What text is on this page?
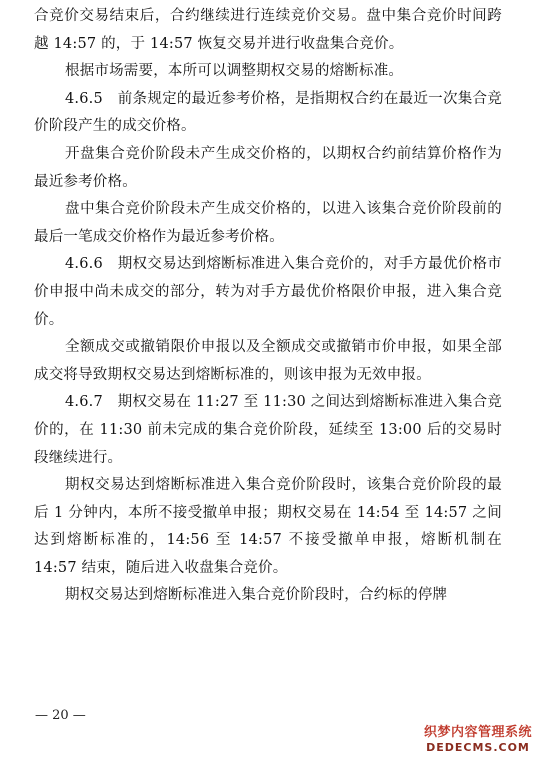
合竞价交易结束后，合约继续进行连续竞价交易。盘中集合竞价时间跨越 14:57 的，于 14:57 恢复交易并进行收盘集合竞价。

根据市场需要，本所可以调整期权交易的熔断标准。

4.6.5　前条规定的最近参考价格，是指期权合约在最近一次集合竞价阶段产生的成交价格。

开盘集合竞价阶段未产生成交价格的，以期权合约前结算价格作为最近参考价格。

盘中集合竞价阶段未产生成交价格的，以进入该集合竞价阶段前的最后一笔成交价格作为最近参考价格。

4.6.6　期权交易达到熔断标准进入集合竞价的，对手方最优价格市价申报中尚未成交的部分，转为对手方最优价格限价申报，进入集合竞价。

全额成交或撤销限价申报以及全额成交或撤销市价申报，如果全部成交将导致期权交易达到熔断标准的，则该申报为无效申报。

4.6.7　期权交易在 11:27 至 11:30 之间达到熔断标准进入集合竞价的，在 11:30 前未完成的集合竞价阶段，延续至 13:00 后的交易时段继续进行。

期权交易达到熔断标准进入集合竞价阶段时，该集合竞价阶段的最后 1 分钟内，本所不接受撤单申报；期权交易在 14:54 至 14:57 之间达到熔断标准的，14:56 至 14:57 不接受撤单申报，熔断机制在 14:57 结束，随后进入收盘集合竞价。

期权交易达到熔断标准进入集合竞价阶段时，合约标的停牌

— 20 —
织梦内容管理系统
DEDECMS.COM
